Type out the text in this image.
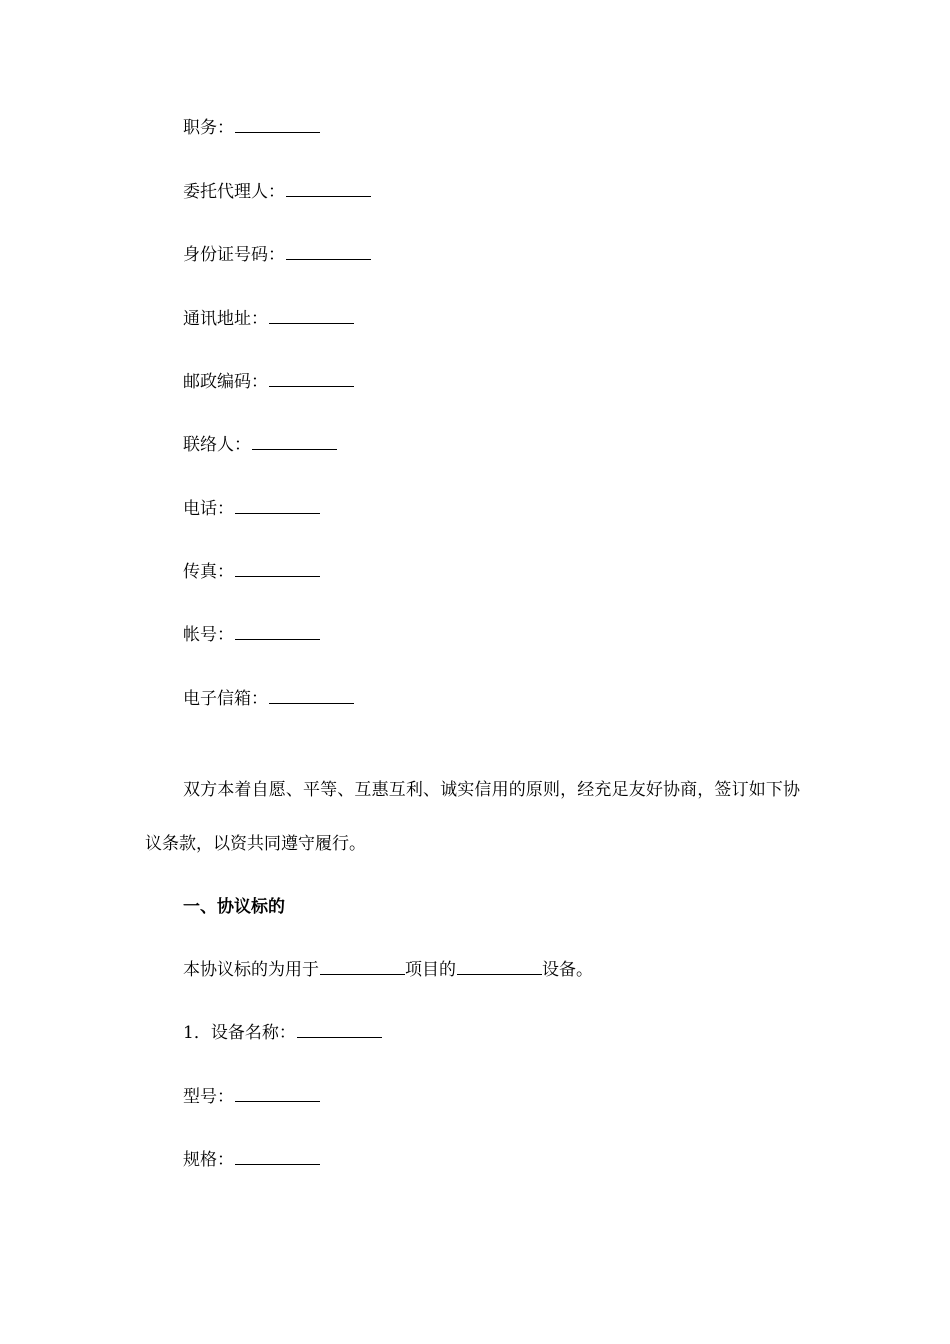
职务：
委托代理人：
身份证号码：
通讯地址：
邮政编码：
联络人：
电话：
传真：
帐号：
电子信箱：
双方本着自愿、平等、互惠互利、诚实信用的原则，经充足友好协商，签订如下协议条款，以资共同遵守履行。
一、协议标的
本协议标的为用于	项目的	设备。
1．设备名称：
型号：
规格：
